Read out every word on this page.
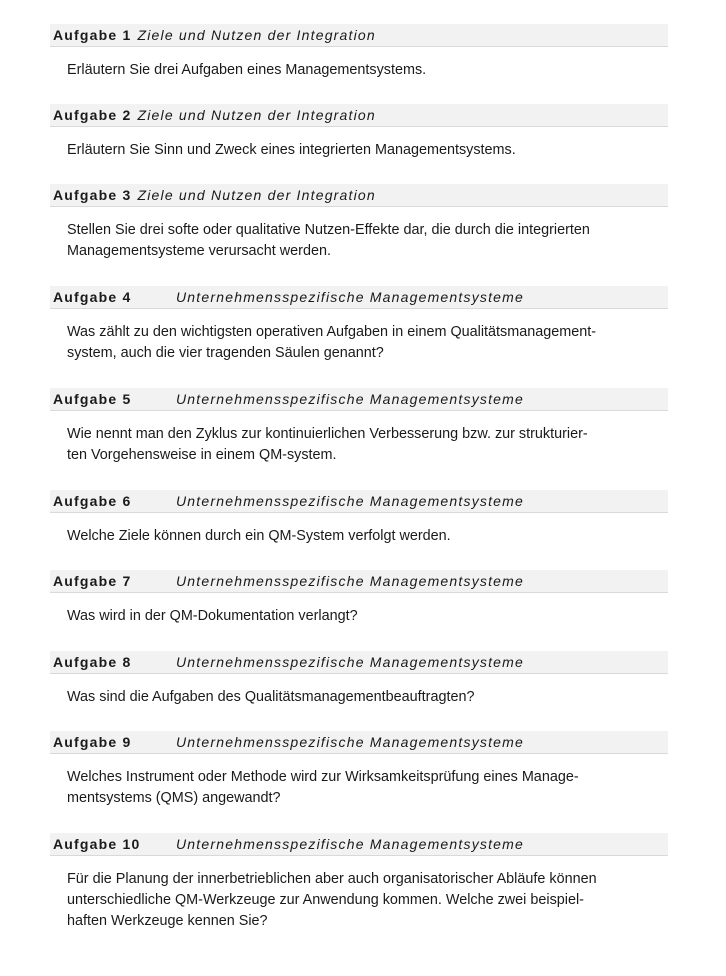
Aufgabe 1 Ziele und Nutzen der Integration
Erläutern Sie drei Aufgaben eines Managementsystems.
Aufgabe 2 Ziele und Nutzen der Integration
Erläutern Sie Sinn und Zweck eines integrierten Managementsystems.
Aufgabe 3 Ziele und Nutzen der Integration
Stellen Sie drei softe oder qualitative Nutzen-Effekte dar, die durch die integrierten
Managementsysteme verursacht werden.
Aufgabe 4	Unternehmensspezifische Managementsysteme
Was zählt zu den wichtigsten operativen Aufgaben in einem Qualitätsmanagement-
system, auch die vier tragenden Säulen genannt?
Aufgabe 5	Unternehmensspezifische Managementsysteme
Wie nennt man den Zyklus zur kontinuierlichen Verbesserung bzw. zur strukturier-
ten Vorgehensweise in einem QM-system.
Aufgabe 6	Unternehmensspezifische Managementsysteme
Welche Ziele können durch ein QM-System verfolgt werden.
Aufgabe 7	Unternehmensspezifische Managementsysteme
Was wird in der QM-Dokumentation verlangt?
Aufgabe 8	Unternehmensspezifische Managementsysteme
Was sind die Aufgaben des Qualitätsmanagementbeauftragten?
Aufgabe 9	Unternehmensspezifische Managementsysteme
Welches Instrument oder Methode wird zur Wirksamkeitsprüfung eines Manage-
mentsystems (QMS) angewandt?
Aufgabe 10	Unternehmensspezifische Managementsysteme
Für die Planung der innerbetrieblichen aber auch organisatorischer Abläufe können
unterschiedliche QM-Werkzeuge zur Anwendung kommen. Welche zwei beispiel-
haften Werkzeuge kennen Sie?
